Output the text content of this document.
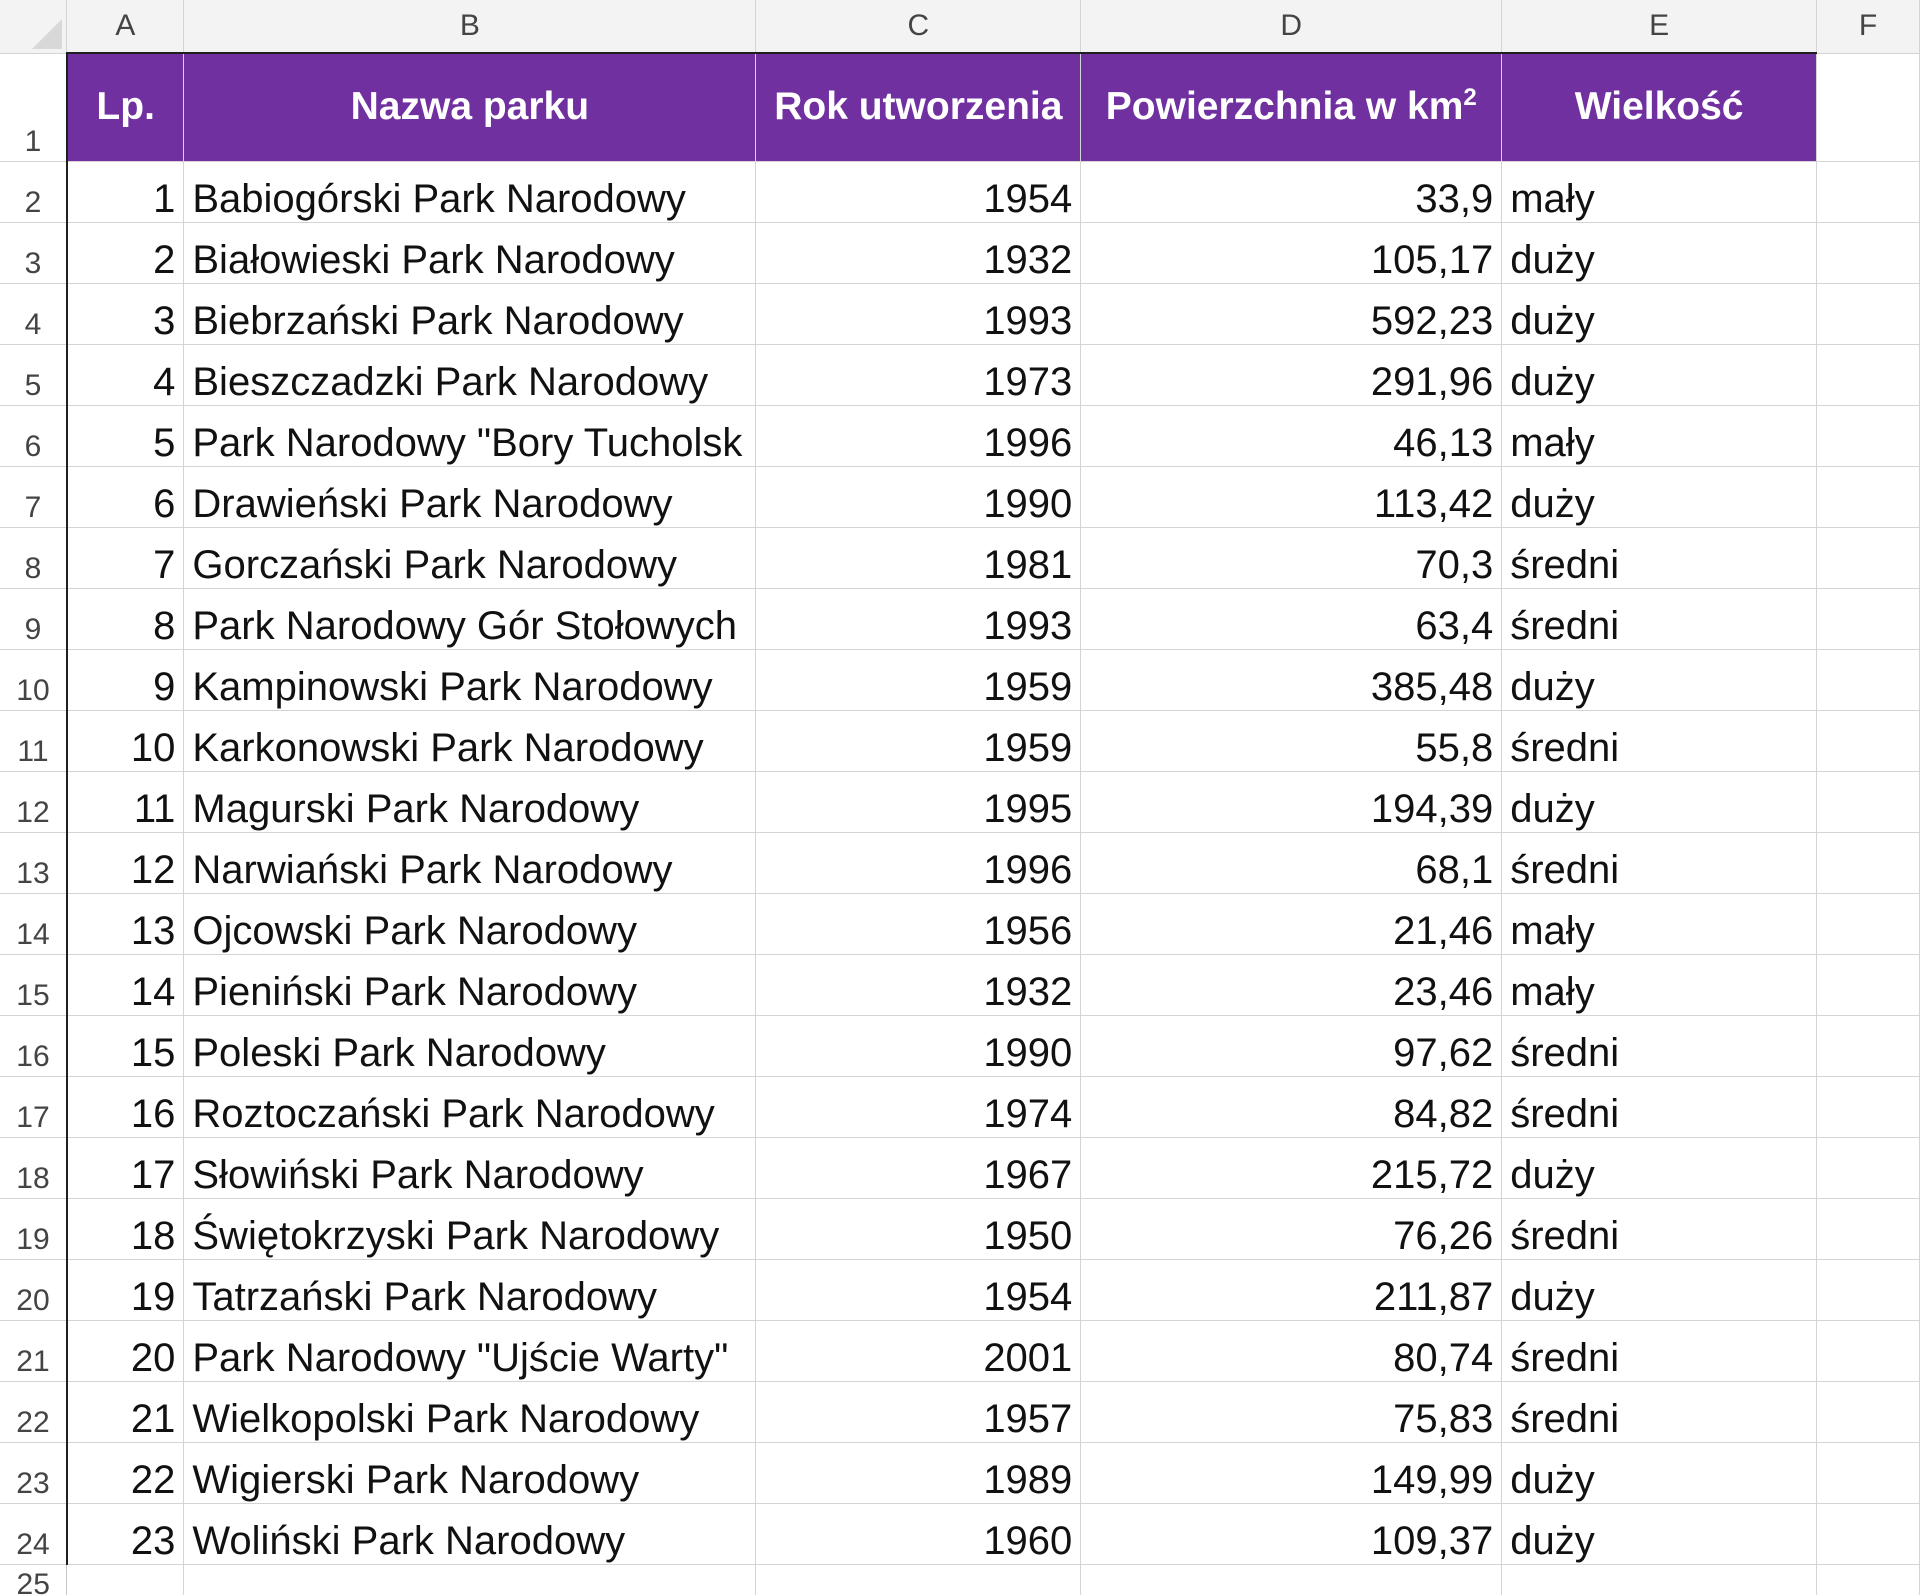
	A	B	C	D	E	F
1	Lp.	Nazwa parku	Rok utworzenia	Powierzchnia w $km^2$	Wielkość	
2	1	Babiogórski Park Narodowy	1954	33,9	mały	
3	2	Białowieski Park Narodowy	1932	105,17	duży	
4	3	Biebrzański Park Narodowy	1993	592,23	duży	
5	4	Bieszczadzki Park Narodowy	1973	291,96	duży	
6	5	Park Narodowy "Bory Tucholsk	1996	46,13	mały	
7	6	Drawieński Park Narodowy	1990	113,42	duży	
8	7	Gorczański Park Narodowy	1981	70,3	średni	
9	8	Park Narodowy Gór Stołowych	1993	63,4	średni	
10	9	Kampinowski Park Narodowy	1959	385,48	duży	
11	10	Karkonowski Park Narodowy	1959	55,8	średni	
12	11	Magurski Park Narodowy	1995	194,39	duży	
13	12	Narwiański Park Narodowy	1996	68,1	średni	
14	13	Ojcowski Park Narodowy	1956	21,46	mały	
15	14	Pieniński Park Narodowy	1932	23,46	mały	
16	15	Poleski Park Narodowy	1990	97,62	średni	
17	16	Roztoczański Park Narodowy	1974	84,82	średni	
18	17	Słowiński Park Narodowy	1967	215,72	duży	
19	18	Świętokrzyski Park Narodowy	1950	76,26	średni	
20	19	Tatrzański Park Narodowy	1954	211,87	duży	
21	20	Park Narodowy "Ujście Warty"	2001	80,74	średni	
22	21	Wielkopolski Park Narodowy	1957	75,83	średni	
23	22	Wigierski Park Narodowy	1989	149,99	duży	
24	23	Woliński Park Narodowy	1960	109,37	duży	
25						
